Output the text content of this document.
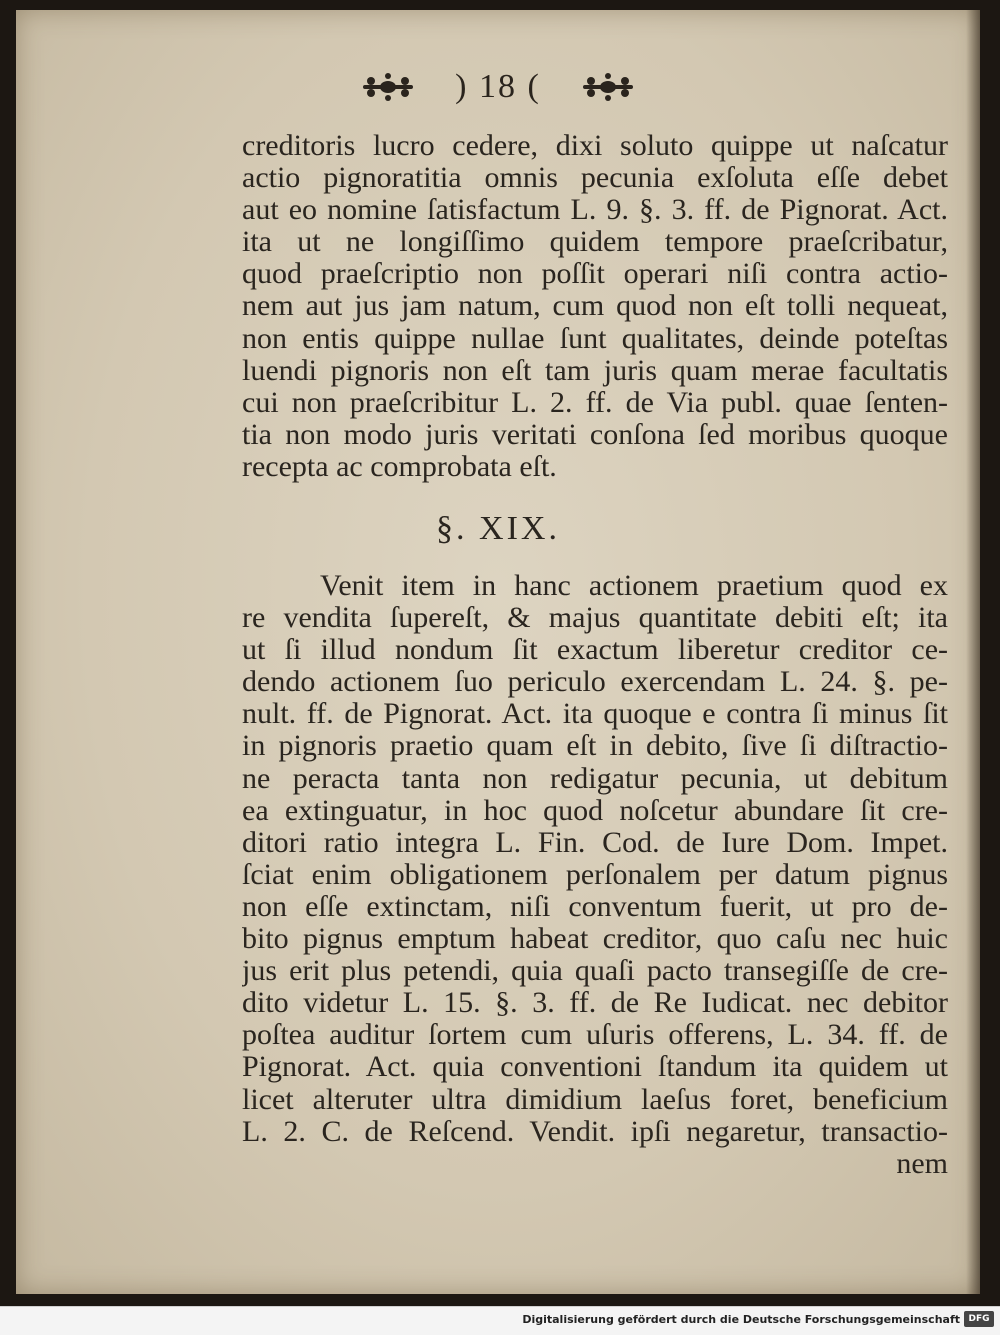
) 18 (
creditoris lucro cedere, dixi soluto quippe ut naſcatur
actio pignoratitia omnis pecunia exſoluta eſſe debet
aut eo nomine ſatisfactum L. 9. §. 3. ff. de Pignorat. Act.
ita ut ne longiſſimo quidem tempore praeſcribatur,
quod praeſcriptio non poſſit operari niſi contra actio-
nem aut jus jam natum, cum quod non eſt tolli nequeat,
non entis quippe nullae ſunt qualitates, deinde poteſtas
luendi pignoris non eſt tam juris quam merae facultatis
cui non praeſcribitur L. 2. ff. de Via publ. quae ſenten-
tia non modo juris veritati conſona ſed moribus quoque
recepta ac comprobata eſt.
§. XIX.
Venit item in hanc actionem praetium quod ex
re vendita ſupereſt, & majus quantitate debiti eſt; ita
ut ſi illud nondum ſit exactum liberetur creditor ce-
dendo actionem ſuo periculo exercendam L. 24. §. pe-
nult. ff. de Pignorat. Act. ita quoque e contra ſi minus ſit
in pignoris praetio quam eſt in debito, ſive ſi diſtractio-
ne peracta tanta non redigatur pecunia, ut debitum
ea extinguatur, in hoc quod noſcetur abundare ſit cre-
ditori ratio integra L. Fin. Cod. de Iure Dom. Impet.
ſciat enim obligationem perſonalem per datum pignus
non eſſe extinctam, niſi conventum fuerit, ut pro de-
bito pignus emptum habeat creditor, quo caſu nec huic
jus erit plus petendi, quia quaſi pacto transegiſſe de cre-
dito videtur L. 15. §. 3. ff. de Re Iudicat. nec debitor
poſtea auditur ſortem cum uſuris offerens, L. 34. ff. de
Pignorat. Act. quia conventioni ſtandum ita quidem ut
licet alteruter ultra dimidium laeſus foret, beneficium
L. 2. C. de Reſcend. Vendit. ipſi negaretur, transactio-
nem
Digitalisierung gefördert durch die Deutsche Forschungsgemeinschaft DFG
